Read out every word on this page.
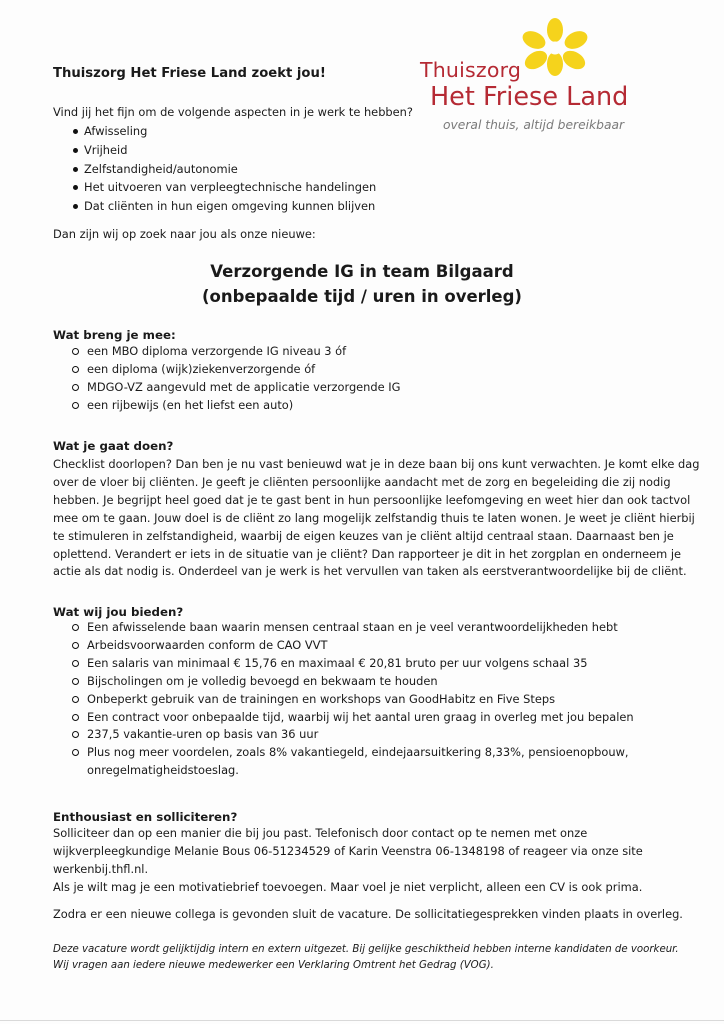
Thuiszorg
Het Friese Land
overal thuis, altijd bereikbaar
Thuiszorg Het Friese Land zoekt jou!
Vind jij het fijn om de volgende aspecten in je werk te hebben?
Afwisseling
Vrijheid
Zelfstandigheid/autonomie
Het uitvoeren van verpleegtechnische handelingen
Dat cliënten in hun eigen omgeving kunnen blijven
Dan zijn wij op zoek naar jou als onze nieuwe:
Verzorgende IG in team Bilgaard
(onbepaalde tijd / uren in overleg)
Wat breng je mee:
een MBO diploma verzorgende IG niveau 3 óf
een diploma (wijk)ziekenverzorgende óf
MDGO-VZ aangevuld met de applicatie verzorgende IG
een rijbewijs (en het liefst een auto)
Wat je gaat doen?
Checklist doorlopen? Dan ben je nu vast benieuwd wat je in deze baan bij ons kunt verwachten. Je komt elke dag
over de vloer bij cliënten. Je geeft je cliënten persoonlijke aandacht met de zorg en begeleiding die zij nodig
hebben. Je begrijpt heel goed dat je te gast bent in hun persoonlijke leefomgeving en weet hier dan ook tactvol
mee om te gaan. Jouw doel is de cliënt zo lang mogelijk zelfstandig thuis te laten wonen. Je weet je cliënt hierbij
te stimuleren in zelfstandigheid, waarbij de eigen keuzes van je cliënt altijd centraal staan. Daarnaast ben je
oplettend. Verandert er iets in de situatie van je cliënt? Dan rapporteer je dit in het zorgplan en onderneem je
actie als dat nodig is. Onderdeel van je werk is het vervullen van taken als eerstverantwoordelijke bij de cliënt.
Wat wij jou bieden?
Een afwisselende baan waarin mensen centraal staan en je veel verantwoordelijkheden hebt
Arbeidsvoorwaarden conform de CAO VVT
Een salaris van minimaal € 15,76 en maximaal € 20,81 bruto per uur volgens schaal 35
Bijscholingen om je volledig bevoegd en bekwaam te houden
Onbeperkt gebruik van de trainingen en workshops van GoodHabitz en Five Steps
Een contract voor onbepaalde tijd, waarbij wij het aantal uren graag in overleg met jou bepalen
237,5 vakantie-uren op basis van 36 uur
Plus nog meer voordelen, zoals 8% vakantiegeld, eindejaarsuitkering 8,33%, pensioenopbouw,
onregelmatigheidstoeslag.
Enthousiast en solliciteren?
Solliciteer dan op een manier die bij jou past. Telefonisch door contact op te nemen met onze
wijkverpleegkundige Melanie Bous 06-51234529 of Karin Veenstra 06-1348198 of reageer via onze site
werkenbij.thfl.nl.
Als je wilt mag je een motivatiebrief toevoegen. Maar voel je niet verplicht, alleen een CV is ook prima.
Zodra er een nieuwe collega is gevonden sluit de vacature. De sollicitatiegesprekken vinden plaats in overleg.
Deze vacature wordt gelijktijdig intern en extern uitgezet. Bij gelijke geschiktheid hebben interne kandidaten de voorkeur.
Wij vragen aan iedere nieuwe medewerker een Verklaring Omtrent het Gedrag (VOG).
